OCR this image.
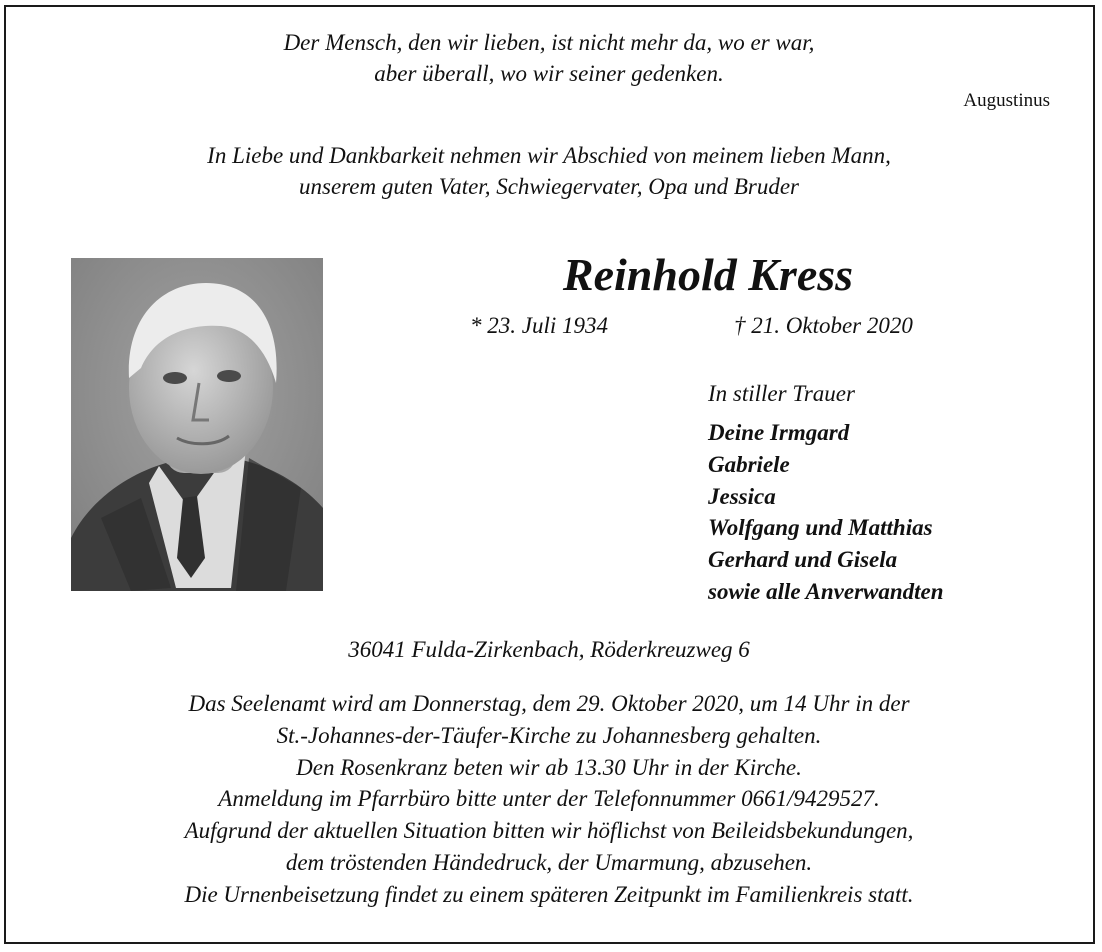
Der Mensch, den wir lieben, ist nicht mehr da, wo er war,
aber überall, wo wir seiner gedenken.
Augustinus
In Liebe und Dankbarkeit nehmen wir Abschied von meinem lieben Mann,
unserem guten Vater, Schwiegervater, Opa und Bruder
Reinhold Kress
* 23. Juli 1934	† 21. Oktober 2020
In stiller Trauer
Deine Irmgard
Gabriele
Jessica
Wolfgang und Matthias
Gerhard und Gisela
sowie alle Anverwandten
36041 Fulda-Zirkenbach, Röderkreuzweg 6
Das Seelenamt wird am Donnerstag, dem 29. Oktober 2020, um 14 Uhr in der
St.-Johannes-der-Täufer-Kirche zu Johannesberg gehalten.
Den Rosenkranz beten wir ab 13.30 Uhr in der Kirche.
Anmeldung im Pfarrbüro bitte unter der Telefonnummer 0661/9429527.
Aufgrund der aktuellen Situation bitten wir höflichst von Beileidsbekundungen,
dem tröstenden Händedruck, der Umarmung, abzusehen.
Die Urnenbeisetzung findet zu einem späteren Zeitpunkt im Familienkreis statt.
